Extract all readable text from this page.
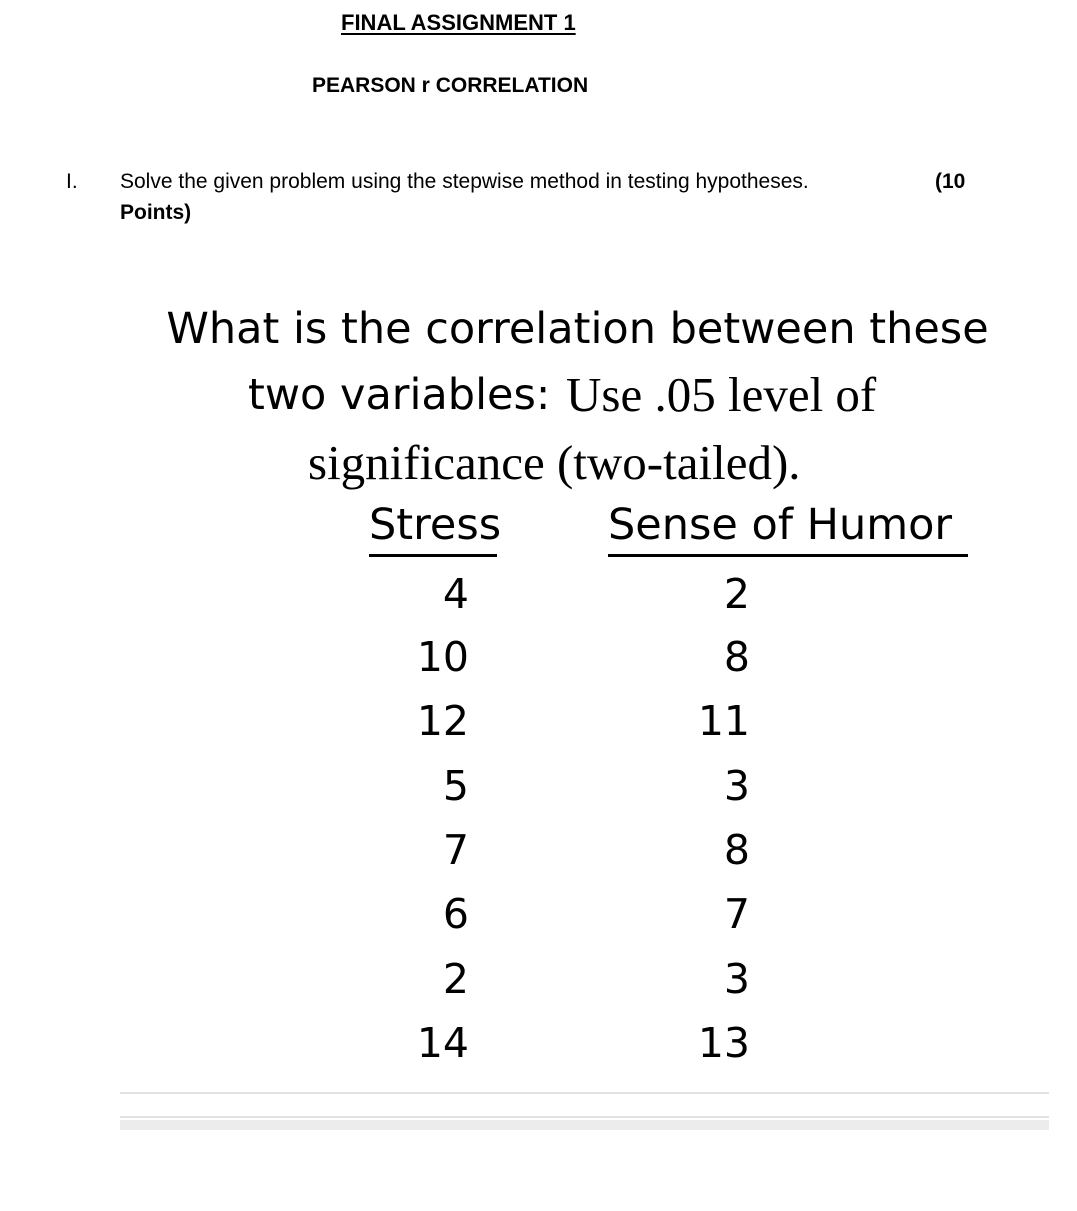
FINAL ASSIGNMENT 1
PEARSON r CORRELATION
I. Solve the given problem using the stepwise method in testing hypotheses.	(10
Points)
What is the correlation between these
two variables: Use .05 level of
significance (two-tailed).
Stress Sense of Humor
4	2
10	8
12	11
5	3
7	8
6	7
2	3
14	13
